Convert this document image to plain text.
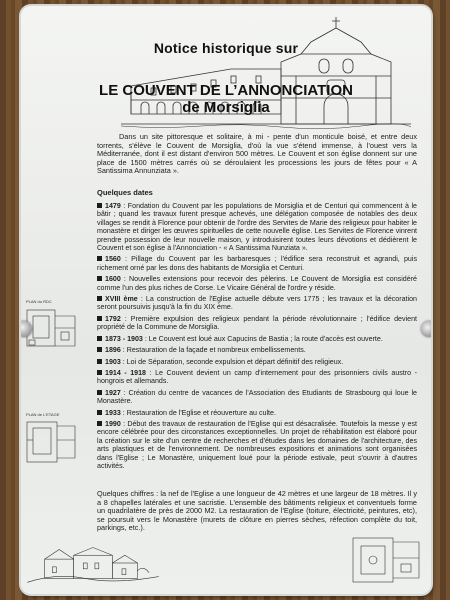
Notice historique sur
LE COUVENT DE L’ANNONCIATION
de Morsiglia
Dans un site pittoresque et solitaire, à mi - pente d'un monticule boisé, et entre deux torrents, s'élève le Couvent de Morsiglia, d'où la vue s'étend immense, à l'ouest vers la Méditerranée, dont il est distant d'environ 500 mètres. Le Couvent et son église donnent sur une place de 1500 mètres carrés où se déroulaient les processions les jours de fêtes pour « A Santissima Annunziata ».
Quelques dates
1479 : Fondation du Couvent par les populations de Morsiglia et de Centuri qui commencent à le bâtir ; quand les travaux furent presque achevés, une délégation composée de notables des deux villages se rendit à Florence pour obtenir de l'ordre des Servites de Marie des religieux pour habiter le monastère et diriger les œuvres spirituelles de cette nouvelle église. Les Servites de Florence vinrent prendre possession de leur nouvelle maison, y introduisirent toutes leurs dévotions et dédièrent le Couvent et son église à l'Annonciation - « A Santissima Nunziata ».
1560 : Pillage du Couvent par les barbaresques ; l'édifice sera reconstruit et agrandi, puis richement orné par les dons des habitants de Morsiglia et Centuri.
1600 : Nouvelles extensions pour recevoir des pèlerins. Le Couvent de Morsiglia est considéré comme l'un des plus riches de Corse. Le Vicaire Général de l'ordre y réside.
XVIII ème : La construction de l'Eglise actuelle débute vers 1775 ; les travaux et la décoration seront poursuivis jusqu'à la fin du XIX ème.
1792 : Première expulsion des religieux pendant la période révolutionnaire ; l'édifice devient propriété de la Commune de Morsiglia.
1873 - 1903 : Le Couvent est loué aux Capucins de Bastia ; la route d'accès est ouverte.
1896 : Restauration de la façade et nombreux embellissements.
1903 : Loi de Séparation, seconde expulsion et départ définitif des religieux.
1914 - 1918 : Le Couvent devient un camp d'internement pour des prisonniers civils austro - hongrois et allemands.
1927 : Création du centre de vacances de l'Association des Etudiants de Strasbourg qui loue le Monastère.
1933 : Restauration de l'Eglise et réouverture au culte.
1990 : Début des travaux de restauration de l'Eglise qui est désacralisée. Toutefois la messe y est encore célébrée pour des circonstances exceptionnelles. Un projet de réhabilitation est élaboré pour la création sur le site d'un centre de recherches et d'études dans les domaines de l'architecture, des arts plastiques et de l'environnement. De nombreuses expositions et animations sont organisées dans l'Eglise ; Le Monastère, uniquement loué pour la période estivale, peut s'ouvrir à d'autres activités.
Quelques chiffres : la nef de l'Eglise a une longueur de 42 mètres et une largeur de 18 mètres. Il y a 8 chapelles latérales et une sacristie. L'ensemble des bâtiments religieux et conventuels forme un quadrilatère de près de 2000 M2. La restauration de l'Eglise (toiture, électricité, peintures, etc), se poursuit vers le Monastère (murets de clôture en pierres sèches, réfection complète du toit, parkings, etc.).
PLAN du RDC
PLAN de L'ETAGE
